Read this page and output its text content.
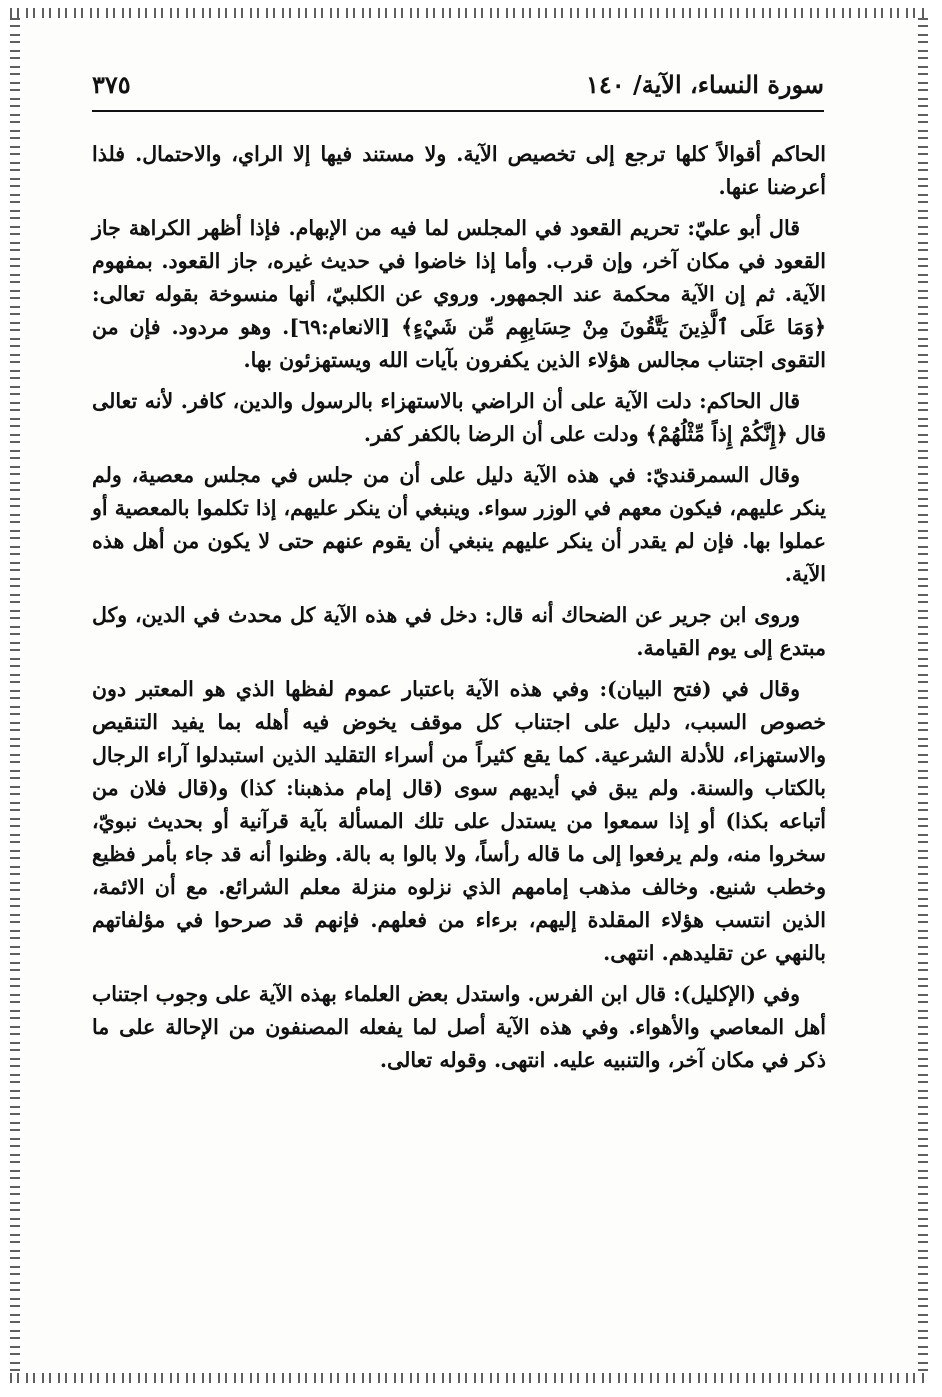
سورة النساء، الآية/ ١٤٠
٣٧٥

الحاكم أقوالاً كلها ترجع إلى تخصيص الآية. ولا مستند فيها إلا الراي، والاحتمال. فلذا أعرضنا عنها.

قال أبو عليّ: تحريم القعود في المجلس لما فيه من الإبهام. فإذا أظهر الكراهة جاز القعود في مكان آخر، وإن قرب. وأما إذا خاضوا في حديث غيره، جاز القعود. بمفهوم الآية. ثم إن الآية محكمة عند الجمهور. وروي عن الكلبيّ، أنها منسوخة بقوله تعالى: ﴿وَمَا عَلَى ٱلَّذِينَ يَتَّقُونَ مِنْ حِسَابِهِم مِّن شَيْءٍ﴾ [الانعام:٦٩]. وهو مردود. فإن من التقوى اجتناب مجالس هؤلاء الذين يكفرون بآيات الله ويستهزئون بها.

قال الحاكم: دلت الآية على أن الراضي بالاستهزاء بالرسول والدين، كافر. لأنه تعالى قال ﴿إِنَّكُمْ إِذاً مِّثْلُهُمْ﴾ ودلت على أن الرضا بالكفر كفر.

وقال السمرقنديّ: في هذه الآية دليل على أن من جلس في مجلس معصية، ولم ينكر عليهم، فيكون معهم في الوزر سواء. وينبغي أن ينكر عليهم، إذا تكلموا بالمعصية أو عملوا بها. فإن لم يقدر أن ينكر عليهم ينبغي أن يقوم عنهم حتى لا يكون من أهل هذه الآية.

وروى ابن جرير عن الضحاك أنه قال: دخل في هذه الآية كل محدث في الدين، وكل مبتدع إلى يوم القيامة.

وقال في (فتح البيان): وفي هذه الآية باعتبار عموم لفظها الذي هو المعتبر دون خصوص السبب، دليل على اجتناب كل موقف يخوض فيه أهله بما يفيد التنقيص والاستهزاء، للأدلة الشرعية. كما يقع كثيراً من أسراء التقليد الذين استبدلوا آراء الرجال بالكتاب والسنة. ولم يبق في أيديهم سوى (قال إمام مذهبنا: كذا) و(قال فلان من أتباعه بكذا) أو إذا سمعوا من يستدل على تلك المسألة بآية قرآنية أو بحديث نبويّ، سخروا منه، ولم يرفعوا إلى ما قاله رأساً، ولا بالوا به بالة. وظنوا أنه قد جاء بأمر فظيع وخطب شنيع. وخالف مذهب إمامهم الذي نزلوه منزلة معلم الشرائع. مع أن الائمة، الذين انتسب هؤلاء المقلدة إليهم، برءاء من فعلهم. فإنهم قد صرحوا في مؤلفاتهم بالنهي عن تقليدهم. انتهى.

وفي (الإكليل): قال ابن الفرس. واستدل بعض العلماء بهذه الآية على وجوب اجتناب أهل المعاصي والأهواء. وفي هذه الآية أصل لما يفعله المصنفون من الإحالة على ما ذكر في مكان آخر، والتنبيه عليه. انتهى. وقوله تعالى.
